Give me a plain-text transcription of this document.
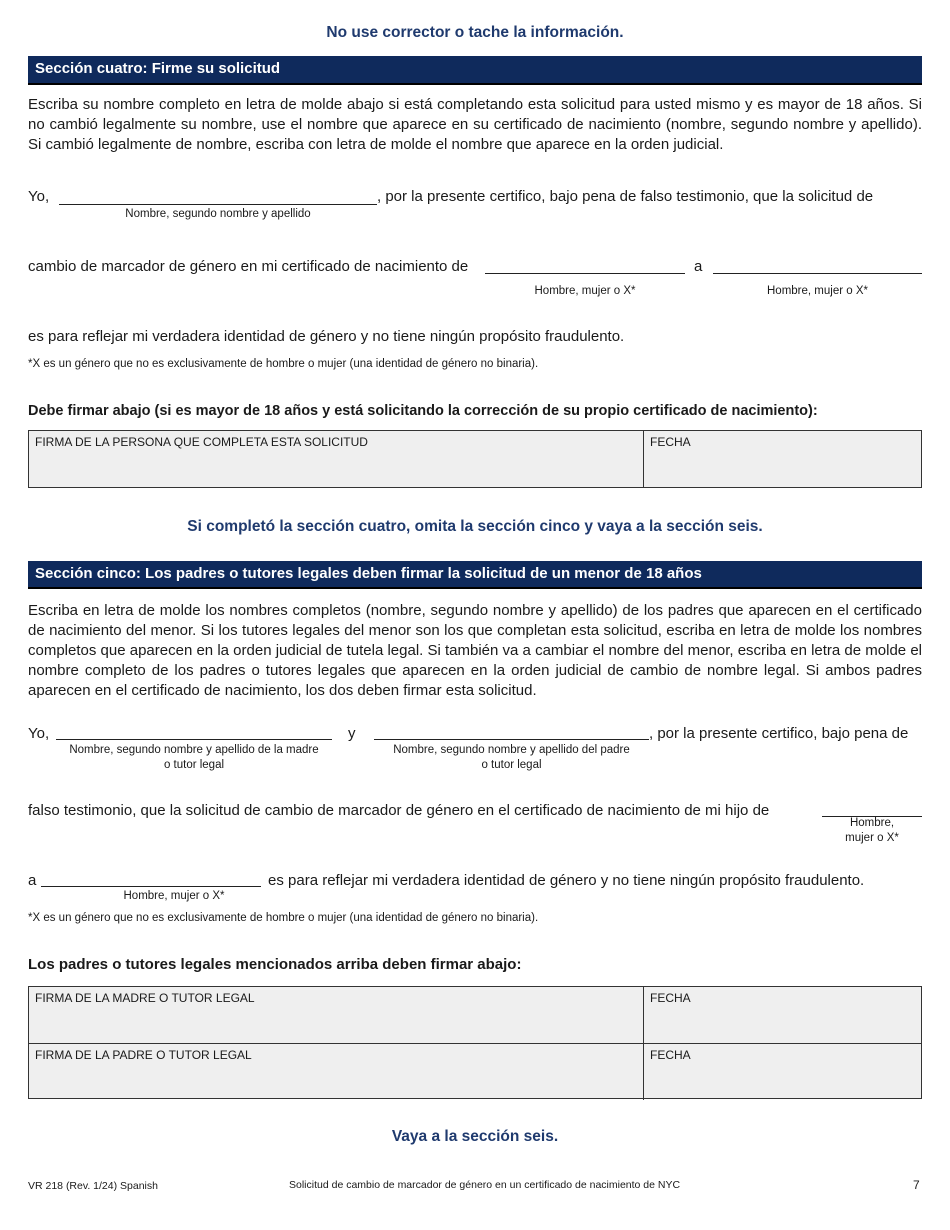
No use corrector o tache la información.
Sección cuatro: Firme su solicitud
Escriba su nombre completo en letra de molde abajo si está completando esta solicitud para usted mismo y es mayor de 18 años. Si no cambió legalmente su nombre, use el nombre que aparece en su certificado de nacimiento (nombre, segundo nombre y apellido). Si cambió legalmente de nombre, escriba con letra de molde el nombre que aparece en la orden judicial.
Yo,	, por la presente certifico, bajo pena de falso testimonio, que la solicitud de
Nombre, segundo nombre y apellido
cambio de marcador de género en mi certificado de nacimiento de	a
Hombre, mujer o X*	Hombre, mujer o X*
es para reflejar mi verdadera identidad de género y no tiene ningún propósito fraudulento.
*X es un género que no es exclusivamente de hombre o mujer (una identidad de género no binaria).
Debe firmar abajo (si es mayor de 18 años y está solicitando la corrección de su propio certificado de nacimiento):
FIRMA DE LA PERSONA QUE COMPLETA ESTA SOLICITUD	FECHA
Si completó la sección cuatro, omita la sección cinco y vaya a la sección seis.
Sección cinco: Los padres o tutores legales deben firmar la solicitud de un menor de 18 años
Escriba en letra de molde los nombres completos (nombre, segundo nombre y apellido) de los padres que aparecen en el certificado de nacimiento del menor. Si los tutores legales del menor son los que completan esta solicitud, escriba en letra de molde los nombres completos que aparecen en la orden judicial de tutela legal. Si también va a cambiar el nombre del menor, escriba en letra de molde el nombre completo de los padres o tutores legales que aparecen en la orden judicial de cambio de nombre legal. Si ambos padres aparecen en el certificado de nacimiento, los dos deben firmar esta solicitud.
Yo,	y	, por la presente certifico, bajo pena de
Nombre, segundo nombre y apellido de la madre
o tutor legal
Nombre, segundo nombre y apellido del padre
o tutor legal
falso testimonio, que la solicitud de cambio de marcador de género en el certificado de nacimiento de mi hijo de
Hombre,
mujer o X*
a
Hombre, mujer o X*
es para reflejar mi verdadera identidad de género y no tiene ningún propósito fraudulento.
*X es un género que no es exclusivamente de hombre o mujer (una identidad de género no binaria).
Los padres o tutores legales mencionados arriba deben firmar abajo:
FIRMA DE LA MADRE O TUTOR LEGAL	FECHA
FIRMA DE LA PADRE O TUTOR LEGAL	FECHA
Vaya a la sección seis.
VR 218 (Rev. 1/24) Spanish	Solicitud de cambio de marcador de género en un certificado de nacimiento de NYC	7
